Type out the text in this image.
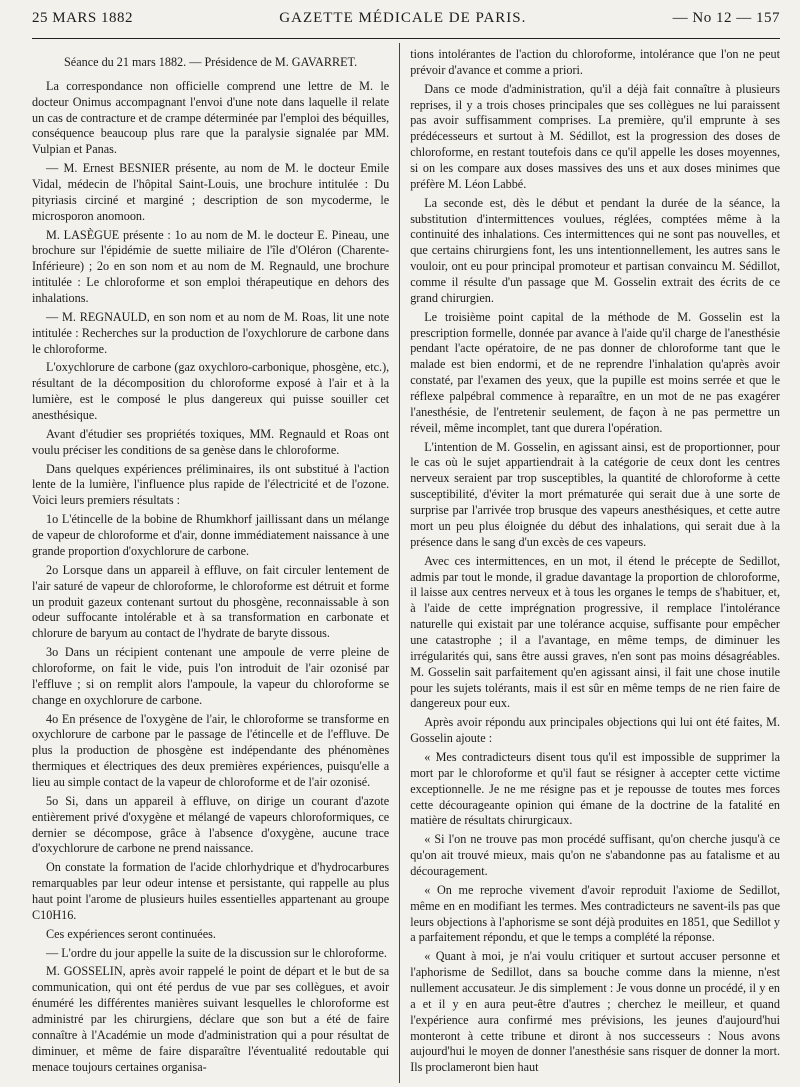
25 MARS 1882	GAZETTE MÉDICALE DE PARIS.	— No 12 — 157

Séance du 21 mars 1882. — Présidence de M. GAVARRET.

La correspondance non officielle comprend une lettre de M. le docteur Onimus accompagnant l'envoi d'une note dans laquelle il relate un cas de contracture et de crampe déterminée par l'emploi des béquilles, conséquence beaucoup plus rare que la paralysie signalée par MM. Vulpian et Panas.

— M. Ernest BESNIER présente, au nom de M. le docteur Emile Vidal, médecin de l'hôpital Saint-Louis, une brochure intitulée : Du pityriasis circiné et marginé ; description de son mycoderme, le microsporon anomoon.

M. LASÈGUE présente : 1o au nom de M. le docteur E. Pineau, une brochure sur l'épidémie de suette miliaire de l'île d'Oléron (Charente-Inférieure) ; 2o en son nom et au nom de M. Regnauld, une brochure intitulée : Le chloroforme et son emploi thérapeutique en dehors des inhalations.

— M. REGNAULD, en son nom et au nom de M. Roas, lit une note intitulée : Recherches sur la production de l'oxychlorure de carbone dans le chloroforme.

L'oxychlorure de carbone (gaz oxychloro-carbonique, phosgène, etc.), résultant de la décomposition du chloroforme exposé à l'air et à la lumière, est le composé le plus dangereux qui puisse souiller cet anesthésique.

Avant d'étudier ses propriétés toxiques, MM. Regnauld et Roas ont voulu préciser les conditions de sa genèse dans le chloroforme.

Dans quelques expériences préliminaires, ils ont substitué à l'action lente de la lumière, l'influence plus rapide de l'électricité et de l'ozone. Voici leurs premiers résultats :

1o L'étincelle de la bobine de Rhumkhorf jaillissant dans un mélange de vapeur de chloroforme et d'air, donne immédiatement naissance à une grande proportion d'oxychlorure de carbone.

2o Lorsque dans un appareil à effluve, on fait circuler lentement de l'air saturé de vapeur de chloroforme, le chloroforme est détruit et forme un produit gazeux contenant surtout du phosgène, reconnaissable à son odeur suffocante intolérable et à sa transformation en carbonate et chlorure de baryum au contact de l'hydrate de baryte dissous.

3o Dans un récipient contenant une ampoule de verre pleine de chloroforme, on fait le vide, puis l'on introduit de l'air ozonisé par l'effluve ; si on remplit alors l'ampoule, la vapeur du chloroforme se change en oxychlorure de carbone.

4o En présence de l'oxygène de l'air, le chloroforme se transforme en oxychlorure de carbone par le passage de l'étincelle et de l'effluve. De plus la production de phosgène est indépendante des phénomènes thermiques et électriques des deux premières expériences, puisqu'elle a lieu au simple contact de la vapeur de chloroforme et de l'air ozonisé.

5o Si, dans un appareil à effluve, on dirige un courant d'azote entièrement privé d'oxygène et mélangé de vapeurs chloroformiques, ce dernier se décompose, grâce à l'absence d'oxygène, aucune trace d'oxychlorure de carbone ne prend naissance.

On constate la formation de l'acide chlorhydrique et d'hydrocarbures remarquables par leur odeur intense et persistante, qui rappelle au plus haut point l'arome de plusieurs huiles essentielles appartenant au groupe C10H16.

Ces expériences seront continuées.

— L'ordre du jour appelle la suite de la discussion sur le chloroforme.

M. GOSSELIN, après avoir rappelé le point de départ et le but de sa communication, qui ont été perdus de vue par ses collègues, et avoir énuméré les différentes manières suivant lesquelles le chloroforme est administré par les chirurgiens, déclare que son but a été de faire connaître à l'Académie un mode d'administration qui a pour résultat de diminuer, et même de faire disparaître l'éventualité redoutable qui menace toujours certaines organisa-

tions intolérantes de l'action du chloroforme, intolérance que l'on ne peut prévoir d'avance et comme a priori.

Dans ce mode d'administration, qu'il a déjà fait connaître à plusieurs reprises, il y a trois choses principales que ses collègues ne lui paraissent pas avoir suffisamment comprises. La première, qu'il emprunte à ses prédécesseurs et surtout à M. Sédillot, est la progression des doses de chloroforme, en restant toutefois dans ce qu'il appelle les doses moyennes, si on les compare aux doses massives des uns et aux doses minimes que préfère M. Léon Labbé.

La seconde est, dès le début et pendant la durée de la séance, la substitution d'intermittences voulues, réglées, comptées même à la continuité des inhalations. Ces intermittences qui ne sont pas nouvelles, et que certains chirurgiens font, les uns intentionnellement, les autres sans le vouloir, ont eu pour principal promoteur et partisan convaincu M. Sédillot, comme il résulte d'un passage que M. Gosselin extrait des écrits de ce grand chirurgien.

Le troisième point capital de la méthode de M. Gosselin est la prescription formelle, donnée par avance à l'aide qu'il charge de l'anesthésie pendant l'acte opératoire, de ne pas donner de chloroforme tant que le malade est bien endormi, et de ne reprendre l'inhalation qu'après avoir constaté, par l'examen des yeux, que la pupille est moins serrée et que le réflexe palpébral commence à reparaître, en un mot de ne pas exagérer l'anesthésie, de l'entretenir seulement, de façon à ne pas permettre un réveil, même incomplet, tant que durera l'opération.

L'intention de M. Gosselin, en agissant ainsi, est de proportionner, pour le cas où le sujet appartiendrait à la catégorie de ceux dont les centres nerveux seraient par trop susceptibles, la quantité de chloroforme à cette susceptibilité, d'éviter la mort prématurée qui serait due à une sorte de surprise par l'arrivée trop brusque des vapeurs anesthésiques, et cette autre mort un peu plus éloignée du début des inhalations, qui serait due à la présence dans le sang d'un excès de ces vapeurs.

Avec ces intermittences, en un mot, il étend le précepte de Sedillot, admis par tout le monde, il gradue davantage la proportion de chloroforme, il laisse aux centres nerveux et à tous les organes le temps de s'habituer, et, à l'aide de cette imprégnation progressive, il remplace l'intolérance naturelle qui existait par une tolérance acquise, suffisante pour empêcher une catastrophe ; il a l'avantage, en même temps, de diminuer les irrégularités qui, sans être aussi graves, n'en sont pas moins désagréables. M. Gosselin sait parfaitement qu'en agissant ainsi, il fait une chose inutile pour les sujets tolérants, mais il est sûr en même temps de ne rien faire de dangereux pour eux.

Après avoir répondu aux principales objections qui lui ont été faites, M. Gosselin ajoute :

« Mes contradicteurs disent tous qu'il est impossible de supprimer la mort par le chloroforme et qu'il faut se résigner à accepter cette victime exceptionnelle. Je ne me résigne pas et je repousse de toutes mes forces cette décourageante opinion qui émane de la doctrine de la fatalité en matière de résultats chirurgicaux.

« Si l'on ne trouve pas mon procédé suffisant, qu'on cherche jusqu'à ce qu'on ait trouvé mieux, mais qu'on ne s'abandonne pas au fatalisme et au découragement.

« On me reproche vivement d'avoir reproduit l'axiome de Sedillot, même en en modifiant les termes. Mes contradicteurs ne savent-ils pas que leurs objections à l'aphorisme se sont déjà produites en 1851, que Sedillot y a parfaitement répondu, et que le temps a complété la réponse.

« Quant à moi, je n'ai voulu critiquer et surtout accuser personne et l'aphorisme de Sedillot, dans sa bouche comme dans la mienne, n'est nullement accusateur. Je dis simplement : Je vous donne un procédé, il y en a et il y en aura peut-être d'autres ; cherchez le meilleur, et quand l'expérience aura confirmé mes prévisions, les jeunes d'aujourd'hui monteront à cette tribune et diront à nos successeurs : Nous avons aujourd'hui le moyen de donner l'anesthésie sans risquer de donner la mort. Ils proclameront bien haut
